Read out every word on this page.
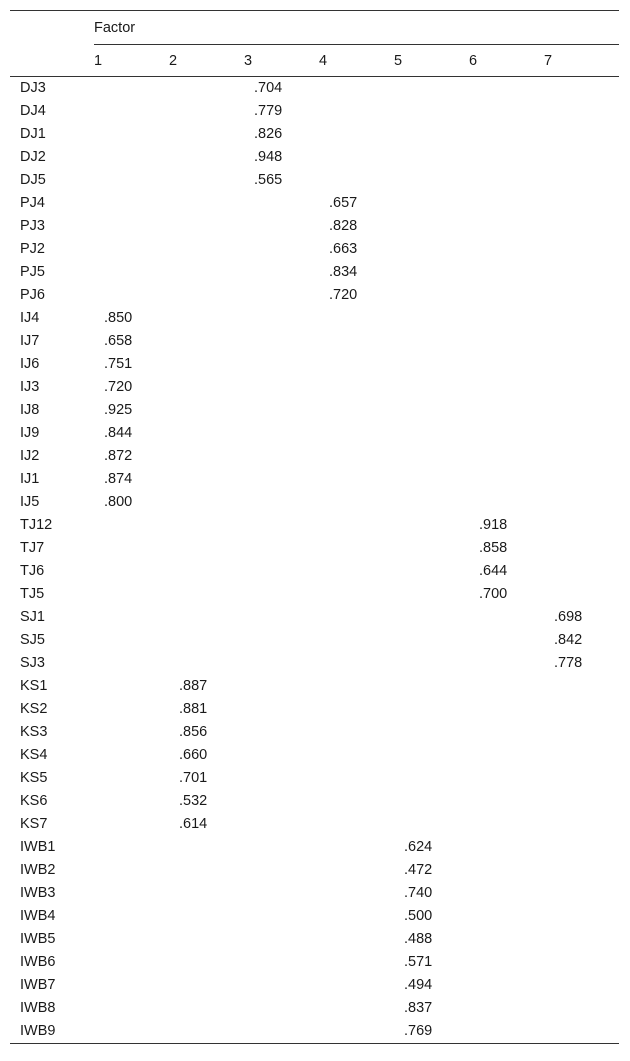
	Factor						
	1	2	3	4	5	6	7
DJ3			.704				
DJ4			.779				
DJ1			.826				
DJ2			.948				
DJ5			.565				
PJ4				.657			
PJ3				.828			
PJ2				.663			
PJ5				.834			
PJ6				.720			
IJ4	.850						
IJ7	.658						
IJ6	.751						
IJ3	.720						
IJ8	.925						
IJ9	.844						
IJ2	.872						
IJ1	.874						
IJ5	.800						
TJ12						.918	
TJ7						.858	
TJ6						.644	
TJ5						.700	
SJ1							.698
SJ5							.842
SJ3							.778
KS1		.887					
KS2		.881					
KS3		.856					
KS4		.660					
KS5		.701					
KS6		.532					
KS7		.614					
IWB1					.624		
IWB2					.472		
IWB3					.740		
IWB4					.500		
IWB5					.488		
IWB6					.571		
IWB7					.494		
IWB8					.837		
IWB9					.769		
